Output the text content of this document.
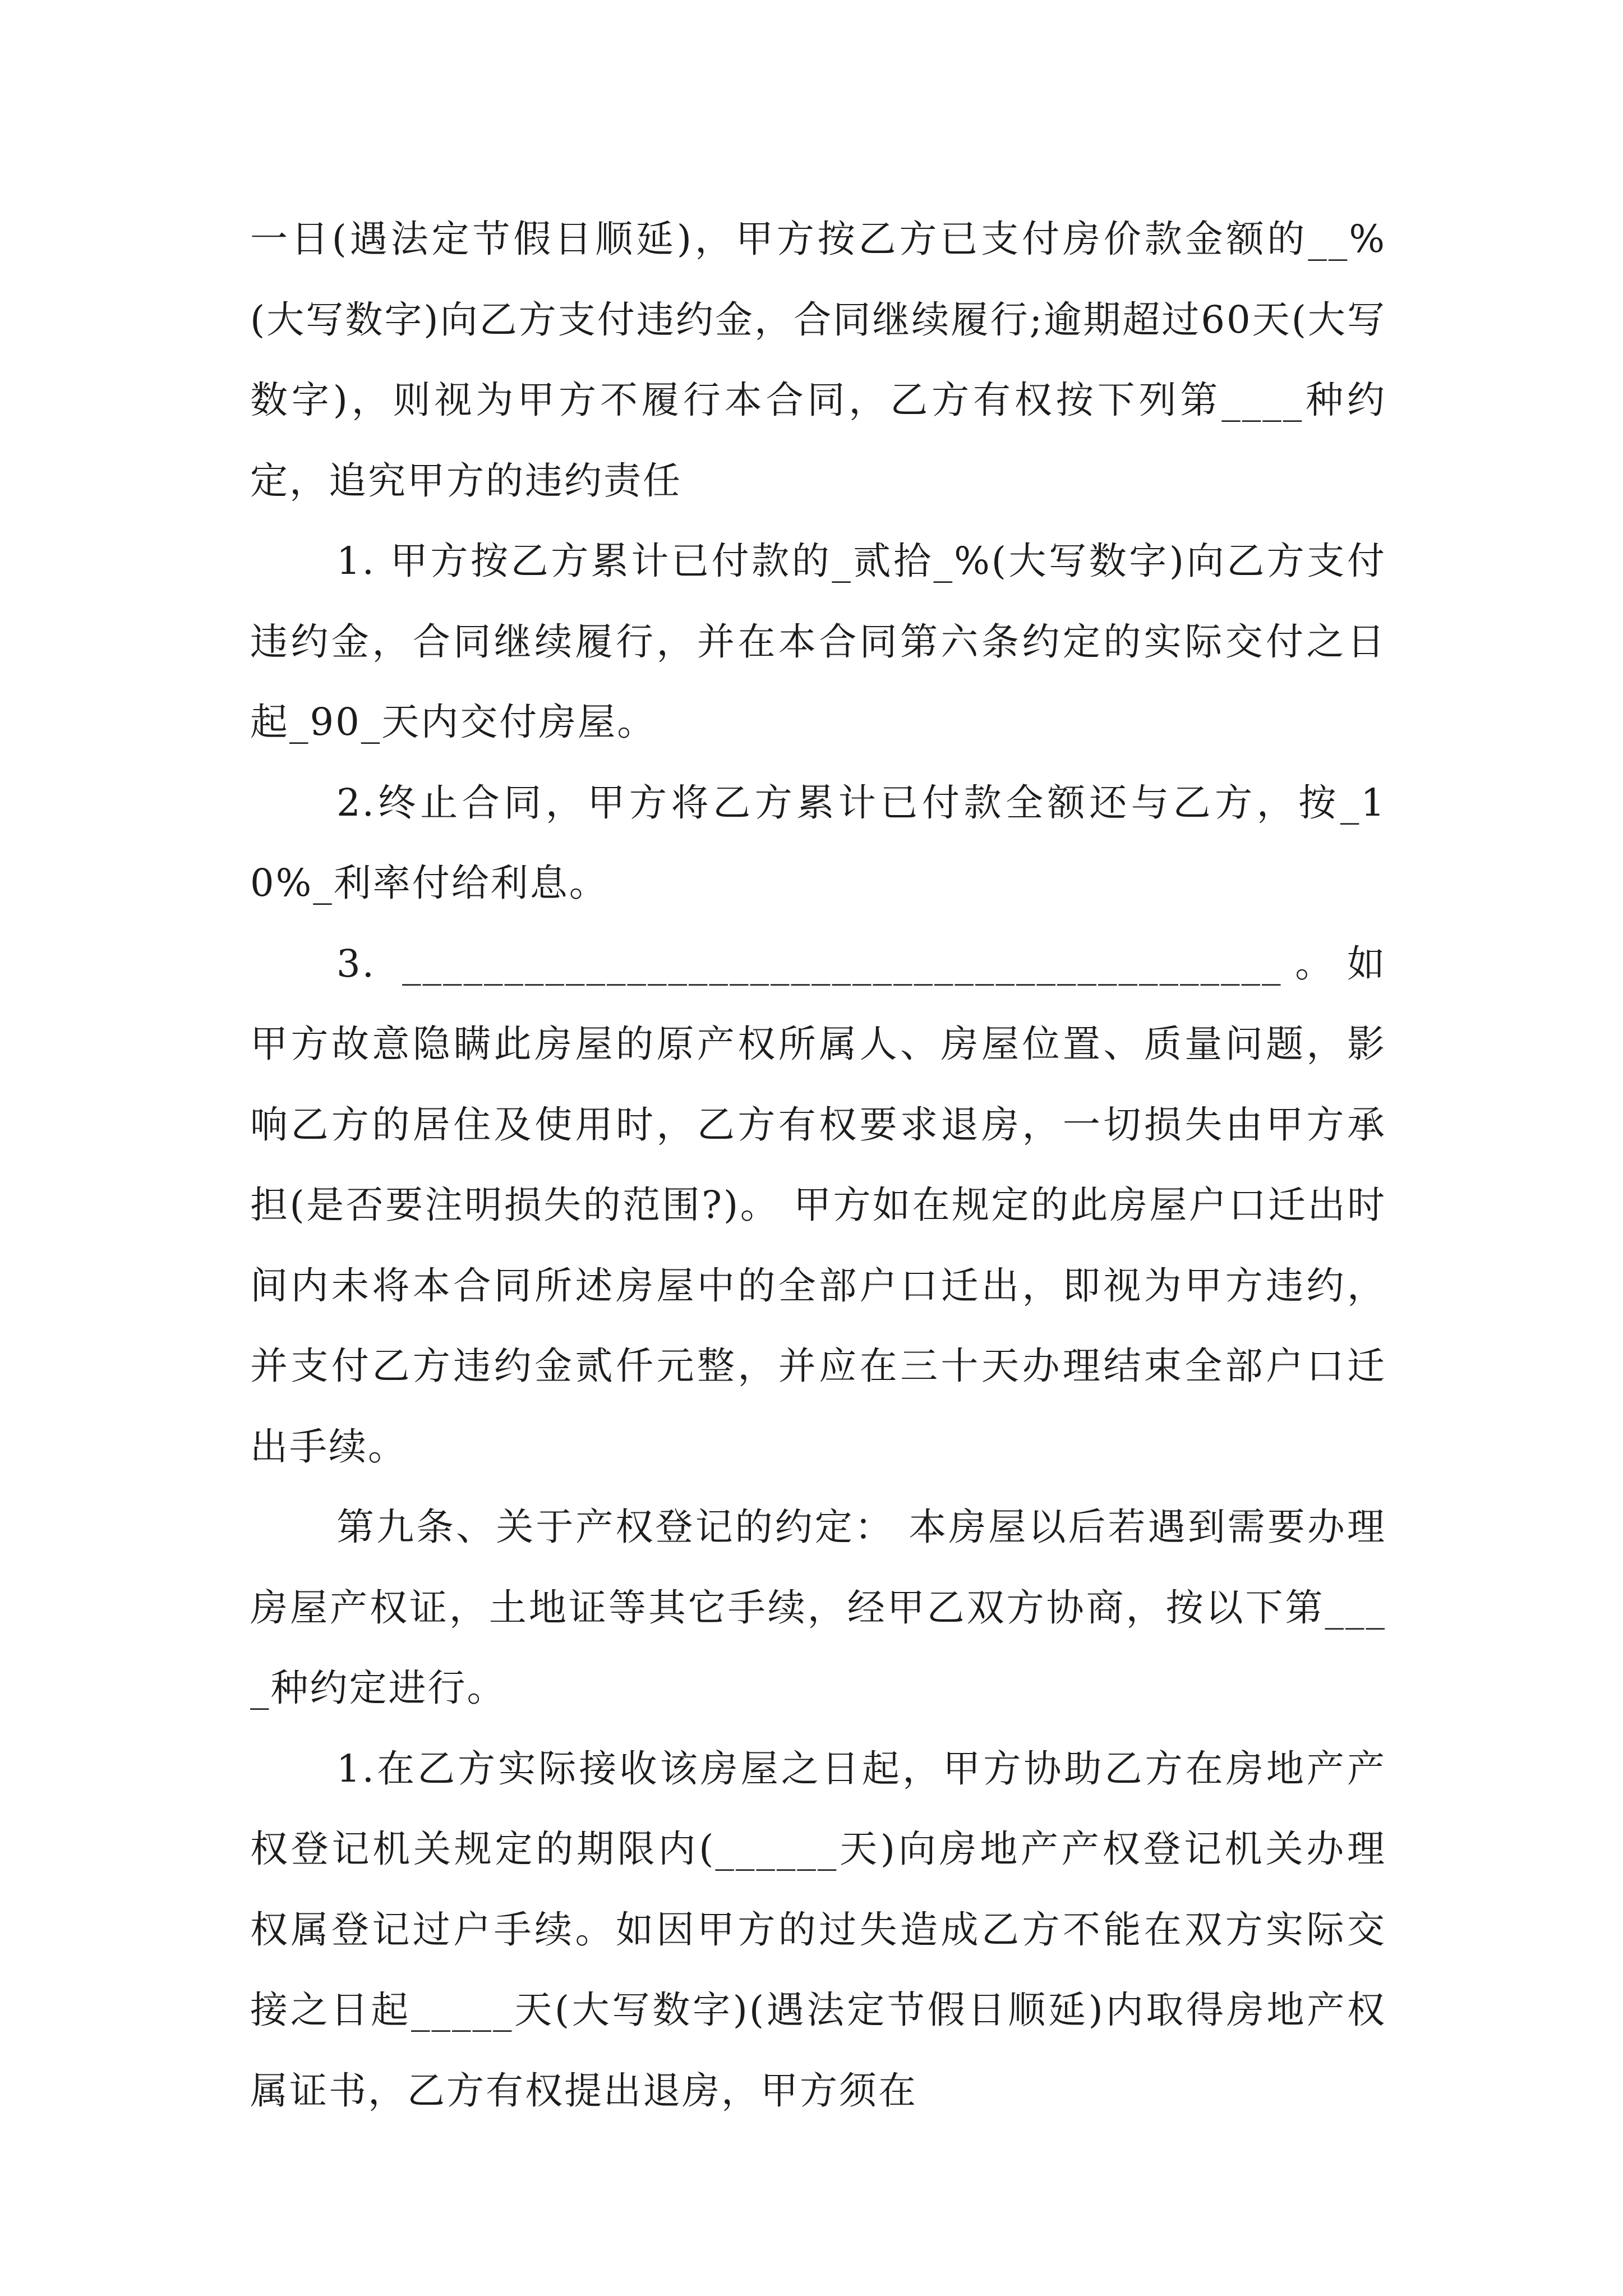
一日(遇法定节假日顺延)，甲方按乙方已支付房价款金额的__%(大写数字)向乙方支付违约金，合同继续履行;逾期超过60天(大写数字)，则视为甲方不履行本合同，乙方有权按下列第____种约定，追究甲方的违约责任

1. 甲方按乙方累计已付款的_贰拾_%(大写数字)向乙方支付违约金，合同继续履行，并在本合同第六条约定的实际交付之日起_90_天内交付房屋。

2.终止合同，甲方将乙方累计已付款全额还与乙方，按_10%_利率付给利息。

3. ___________________________________________。如甲方故意隐瞒此房屋的原产权所属人、房屋位置、质量问题，影响乙方的居住及使用时，乙方有权要求退房，一切损失由甲方承担(是否要注明损失的范围?)。 甲方如在规定的此房屋户口迁出时间内未将本合同所述房屋中的全部户口迁出，即视为甲方违约，并支付乙方违约金贰仟元整，并应在三十天办理结束全部户口迁出手续。

第九条、关于产权登记的约定： 本房屋以后若遇到需要办理房屋产权证，土地证等其它手续，经甲乙双方协商，按以下第____种约定进行。

1.在乙方实际接收该房屋之日起，甲方协助乙方在房地产产权登记机关规定的期限内(______天)向房地产产权登记机关办理权属登记过户手续。如因甲方的过失造成乙方不能在双方实际交接之日起_____天(大写数字)(遇法定节假日顺延)内取得房地产权属证书，乙方有权提出退房，甲方须在
